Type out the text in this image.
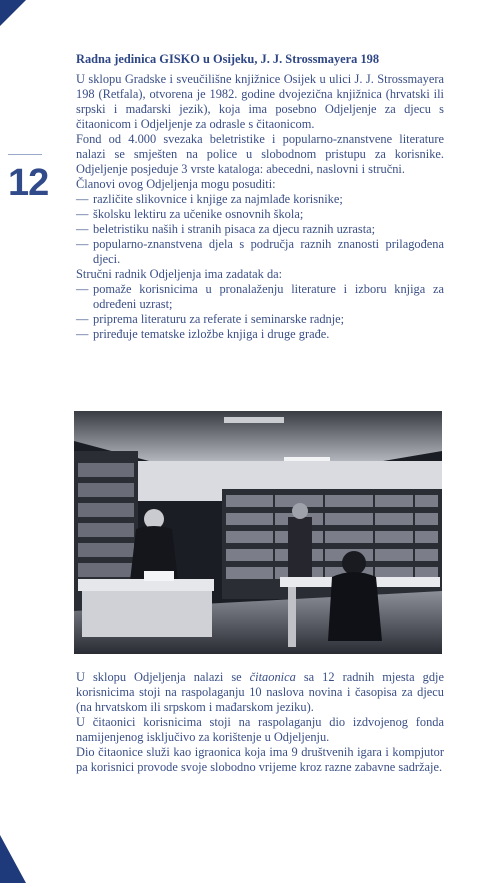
12
Radna jedinica GISKO u Osijeku, J. J. Strossmayera 198

U sklopu Gradske i sveučilišne knjižnice Osijek u ulici J. J. Strossmayera 198 (Retfala), otvorena je 1982. godine dvojezična knjižnica (hrvatski ili srpski i mađarski jezik), koja ima posebno Odjeljenje za djecu s čitaonicom i Odjeljenje za odrasle s čitaonicom.

Fond od 4.000 svezaka beletristike i popularno-znanstvene literature nalazi se smješten na police u slobodnom pristupu za korisnike. Odjeljenje posjeduje 3 vrste kataloga: abecedni, naslovni i stručni.

Članovi ovog Odjeljenja mogu posuditi:

— različite slikovnice i knjige za najmlađe korisnike;
— školsku lektiru za učenike osnovnih škola;
— beletristiku naših i stranih pisaca za djecu raznih uzrasta;
— popularno-znanstvena djela s područja raznih znanosti prilagođena djeci.

Stručni radnik Odjeljenja ima zadatak da:

— pomaže korisnicima u pronalaženju literature i izboru knjiga za određeni uzrast;
— priprema literaturu za referate i seminarske radnje;
— priređuje tematske izložbe knjiga i druge građe.

U sklopu Odjeljenja nalazi se čitaonica sa 12 radnih mjesta gdje korisnicima stoji na raspolaganju 10 naslova novina i časopisa za djecu (na hrvatskom ili srpskom i mađarskom jeziku).

U čitaonici korisnicima stoji na raspolaganju dio izdvojenog fonda namijenjenog isključivo za korištenje u Odjeljenju.

Dio čitaonice služi kao igraonica koja ima 9 društvenih igara i kompjutor pa korisnici provode svoje slobodno vrijeme kroz razne zabavne sadržaje.
